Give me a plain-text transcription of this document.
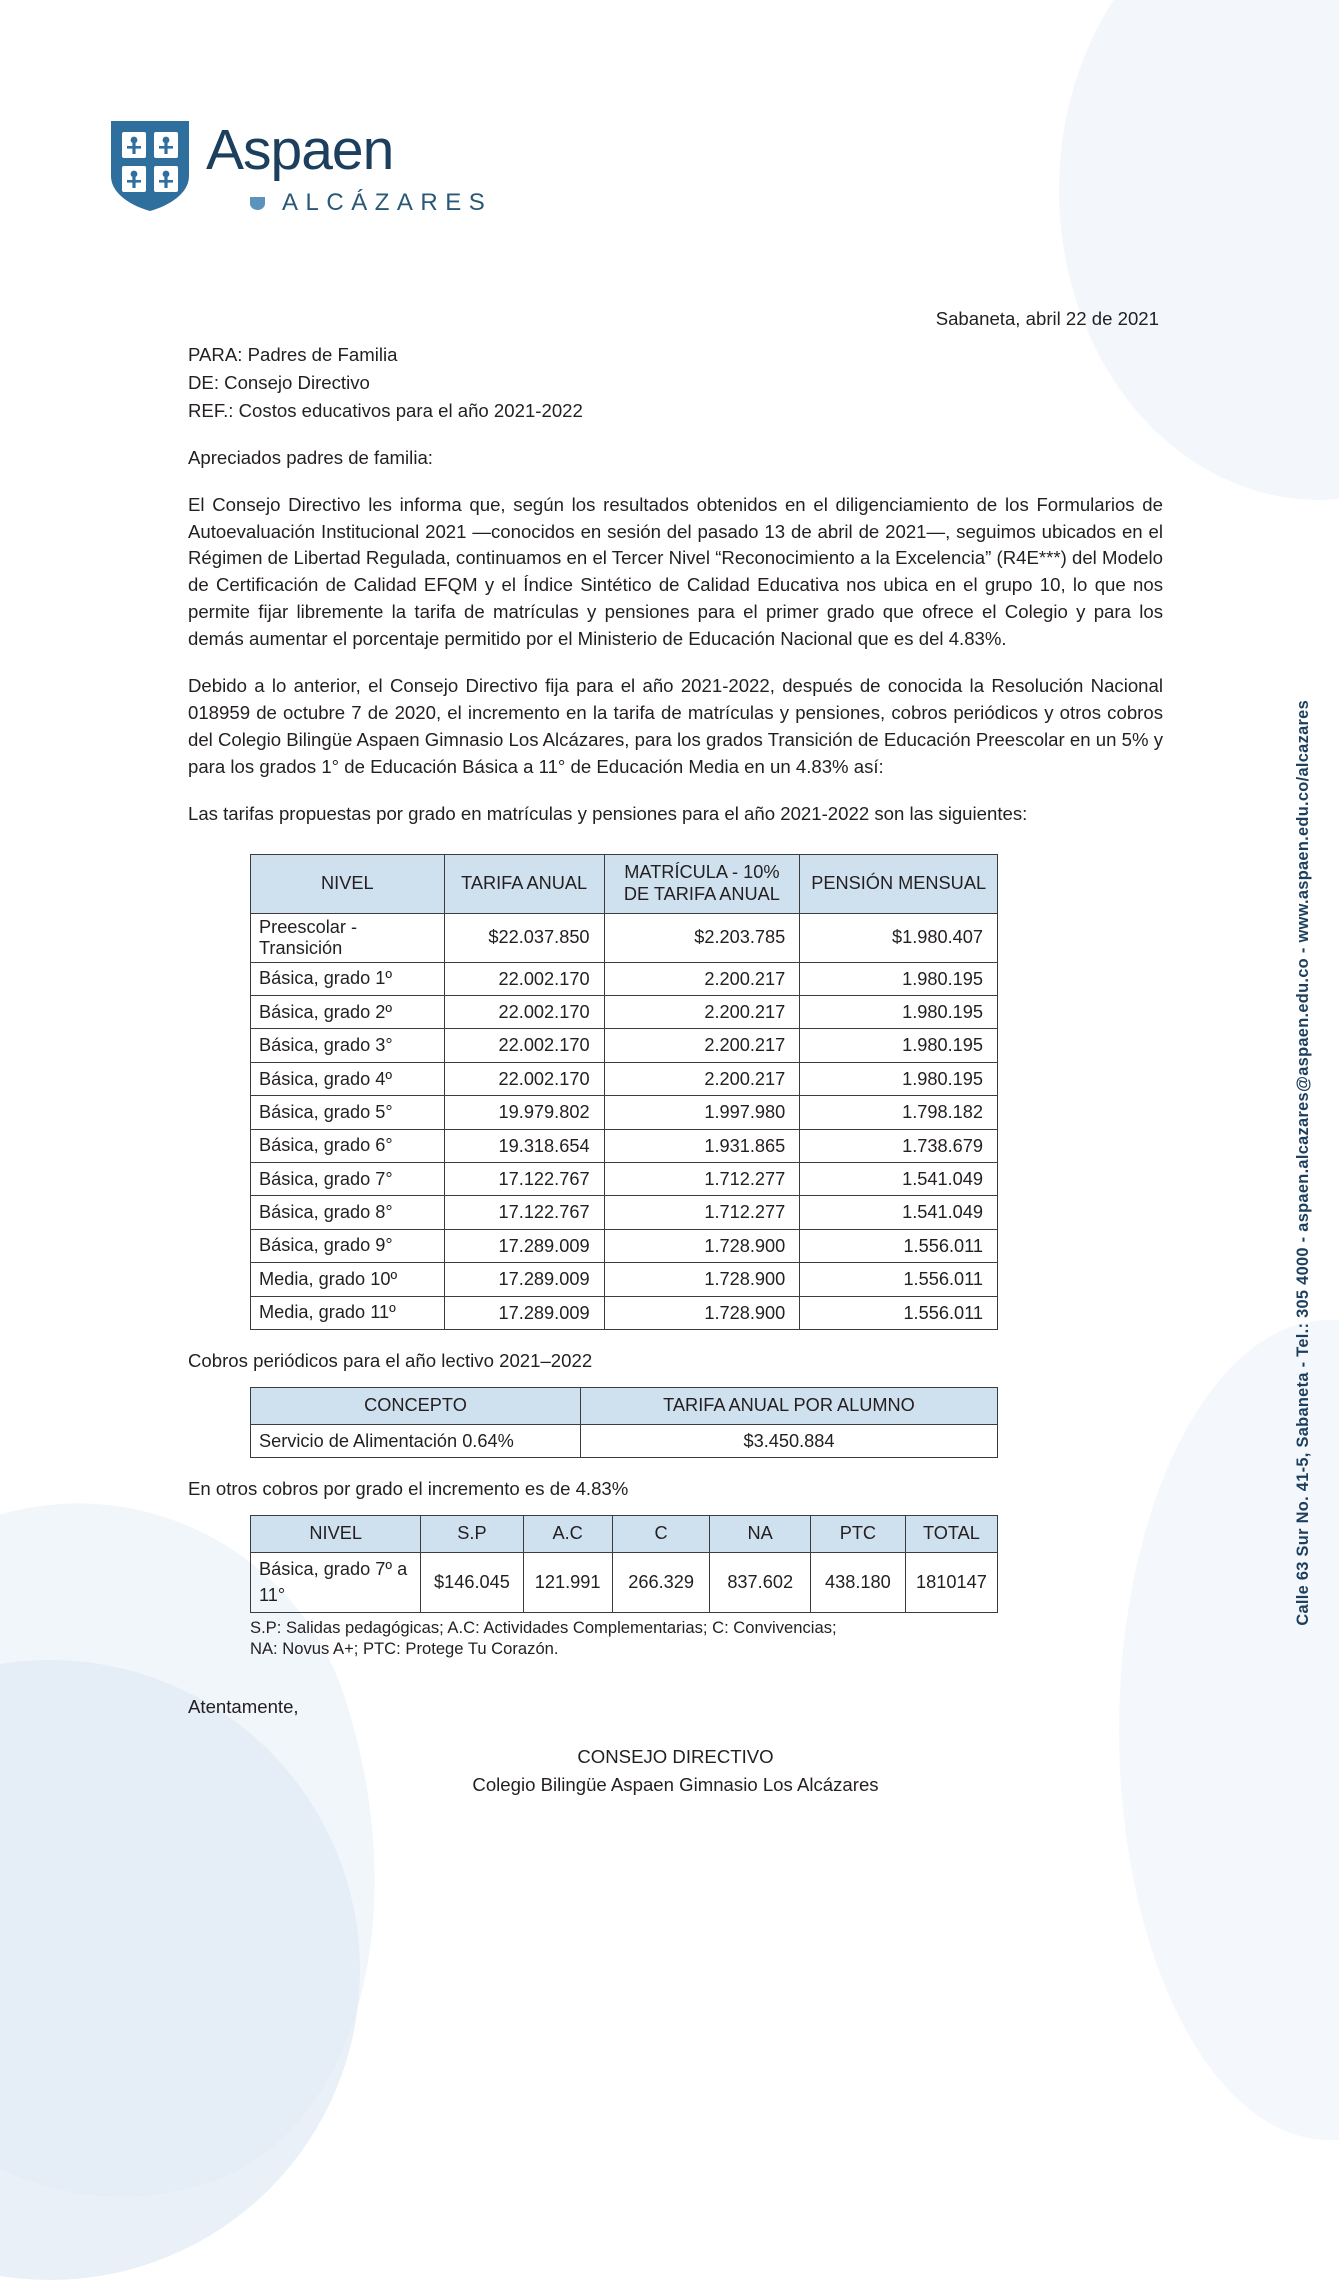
Aspaen
ALCÁZARES
Sabaneta, abril 22 de 2021
PARA: Padres de Familia
DE: Consejo Directivo
REF.: Costos educativos para el año 2021-2022
Apreciados padres de familia:
El Consejo Directivo les informa que, según los resultados obtenidos en el diligenciamiento de los Formularios de Autoevaluación Institucional 2021 —conocidos en sesión del pasado 13 de abril de 2021—, seguimos ubicados en el Régimen de Libertad Regulada, continuamos en el Tercer Nivel “Reconocimiento a la Excelencia” (R4E***) del Modelo de Certificación de Calidad EFQM y el Índice Sintético de Calidad Educativa nos ubica en el grupo 10, lo que nos permite fijar libremente la tarifa de matrículas y pensiones para el primer grado que ofrece el Colegio y para los demás aumentar el porcentaje permitido por el Ministerio de Educación Nacional que es del 4.83%.
Debido a lo anterior, el Consejo Directivo fija para el año 2021-2022, después de conocida la Resolución Nacional 018959 de octubre 7 de 2020, el incremento en la tarifa de matrículas y pensiones, cobros periódicos y otros cobros del Colegio Bilingüe Aspaen Gimnasio Los Alcázares, para los grados Transición de Educación Preescolar en un 5% y para los grados 1° de Educación Básica a 11° de Educación Media en un 4.83% así:
Las tarifas propuestas por grado en matrículas y pensiones para el año 2021-2022 son las siguientes:
NIVEL	TARIFA ANUAL	MATRÍCULA - 10% DE TARIFA ANUAL	PENSIÓN MENSUAL
Preescolar - Transición	$22.037.850	$2.203.785	$1.980.407
Básica, grado 1º	22.002.170	2.200.217	1.980.195
Básica, grado 2º	22.002.170	2.200.217	1.980.195
Básica, grado 3°	22.002.170	2.200.217	1.980.195
Básica, grado 4º	22.002.170	2.200.217	1.980.195
Básica, grado 5°	19.979.802	1.997.980	1.798.182
Básica, grado 6°	19.318.654	1.931.865	1.738.679
Básica, grado 7°	17.122.767	1.712.277	1.541.049
Básica, grado 8°	17.122.767	1.712.277	1.541.049
Básica, grado 9°	17.289.009	1.728.900	1.556.011
Media, grado 10º	17.289.009	1.728.900	1.556.011
Media, grado 11º	17.289.009	1.728.900	1.556.011
Cobros periódicos para el año lectivo 2021–2022
CONCEPTO	TARIFA ANUAL POR ALUMNO
Servicio de Alimentación 0.64%	$3.450.884
En otros cobros por grado el incremento es de 4.83%
NIVEL	S.P	A.C	C	NA	PTC	TOTAL
Básica, grado 7º a 11°	$146.045	121.991	266.329	837.602	438.180	1810147
S.P: Salidas pedagógicas; A.C: Actividades Complementarias; C: Convivencias;
NA: Novus A+; PTC: Protege Tu Corazón.
Atentamente,
CONSEJO DIRECTIVO
Colegio Bilingüe Aspaen Gimnasio Los Alcázares
Calle 63 Sur No. 41-5, Sabaneta - Tel.: 305 4000 - aspaen.alcazares@aspaen.edu.co - www.aspaen.edu.co/alcazares
